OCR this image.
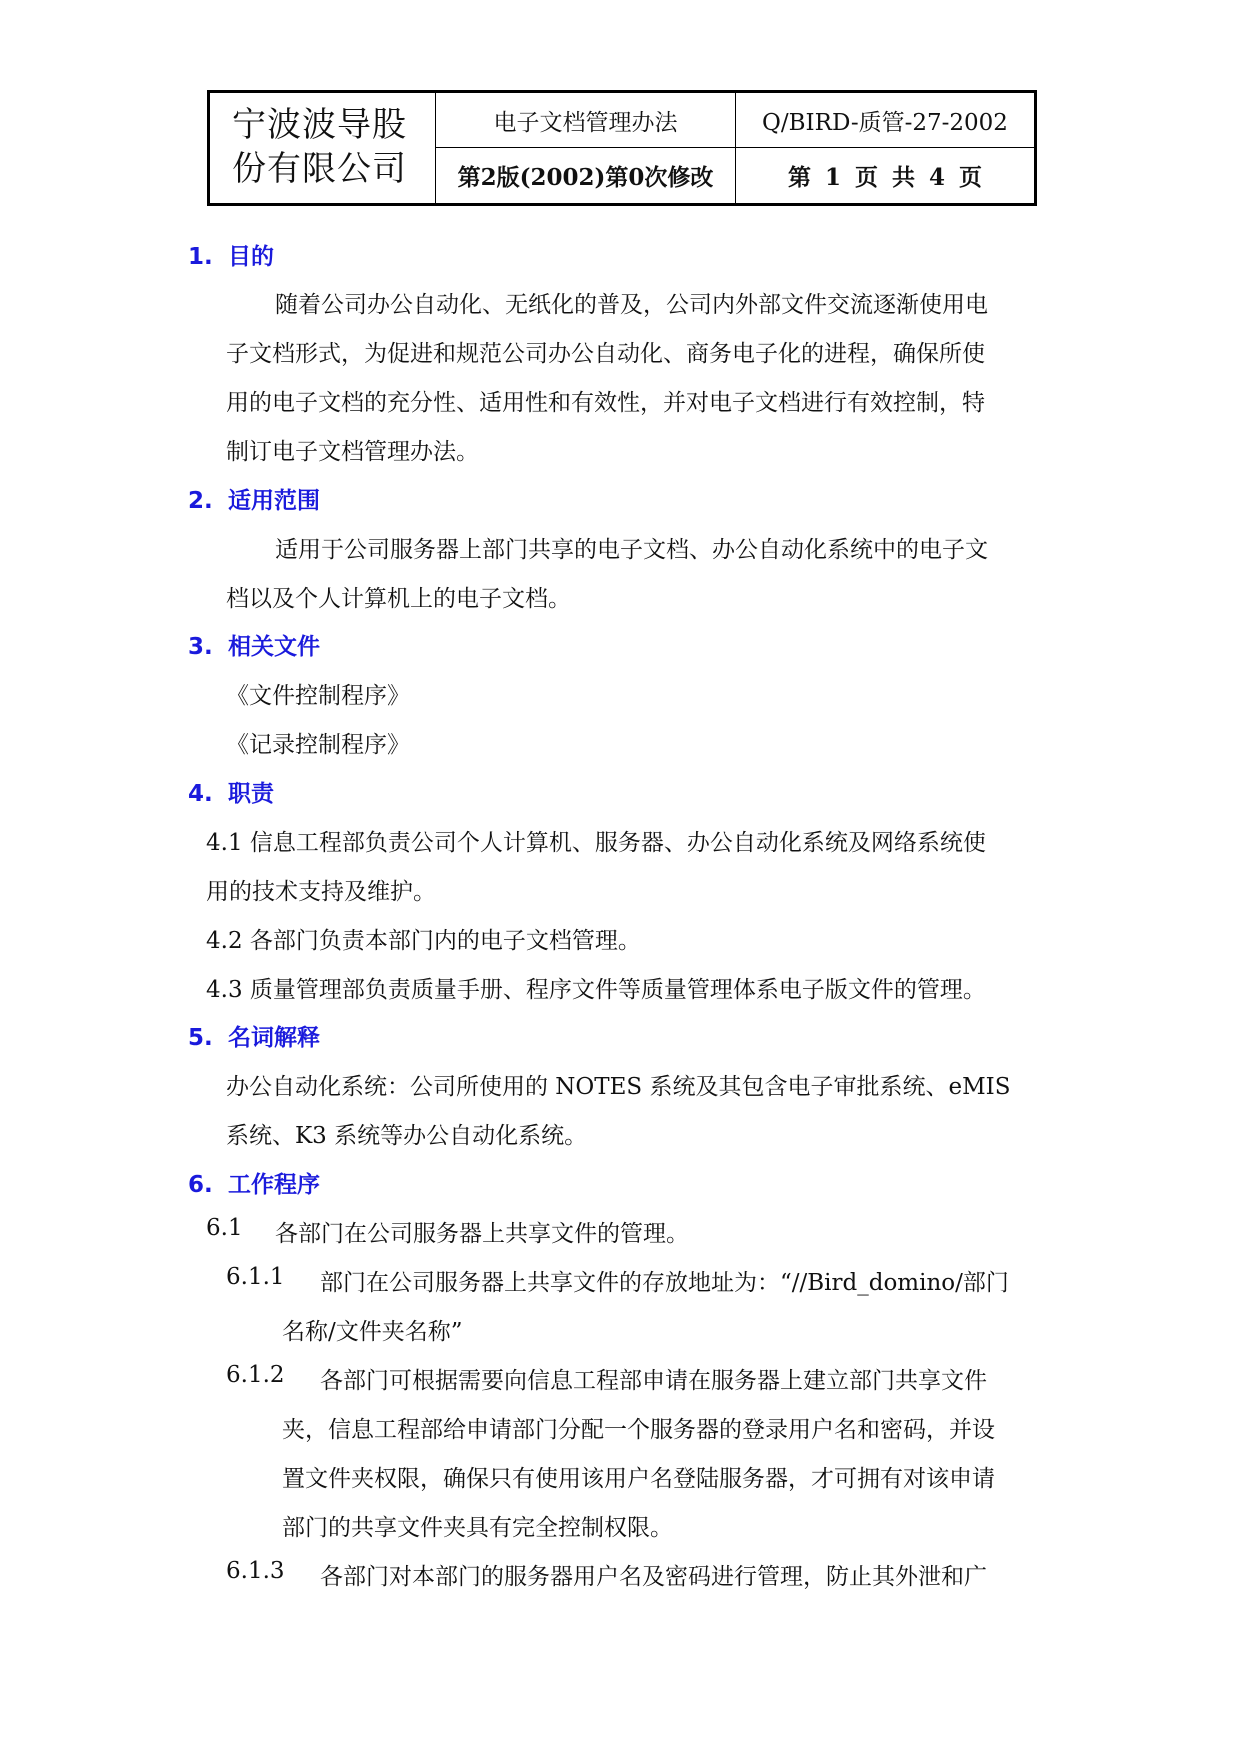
宁波波导股
份有限公司
电子文档管理办法	Q/BIRD-质管-27-2002
第2版(2002)第0次修改	第 1 页 共 4 页
1. 目的
随着公司办公自动化、无纸化的普及，公司内外部文件交流逐渐使用电
子文档形式，为促进和规范公司办公自动化、商务电子化的进程，确保所使
用的电子文档的充分性、适用性和有效性，并对电子文档进行有效控制，特
制订电子文档管理办法。
2. 适用范围
适用于公司服务器上部门共享的电子文档、办公自动化系统中的电子文
档以及个人计算机上的电子文档。
3. 相关文件
《文件控制程序》
《记录控制程序》
4. 职责
4.1 信息工程部负责公司个人计算机、服务器、办公自动化系统及网络系统使
用的技术支持及维护。
4.2 各部门负责本部门内的电子文档管理。
4.3 质量管理部负责质量手册、程序文件等质量管理体系电子版文件的管理。
5. 名词解释
办公自动化系统：公司所使用的 NOTES 系统及其包含电子审批系统、eMIS
系统、K3 系统等办公自动化系统。
6. 工作程序
6.1 各部门在公司服务器上共享文件的管理。
6.1.1 部门在公司服务器上共享文件的存放地址为：“//Bird_domino/部门
名称/文件夹名称”
6.1.2 各部门可根据需要向信息工程部申请在服务器上建立部门共享文件
夹，信息工程部给申请部门分配一个服务器的登录用户名和密码，并设
置文件夹权限，确保只有使用该用户名登陆服务器，才可拥有对该申请
部门的共享文件夹具有完全控制权限。
6.1.3 各部门对本部门的服务器用户名及密码进行管理，防止其外泄和广
